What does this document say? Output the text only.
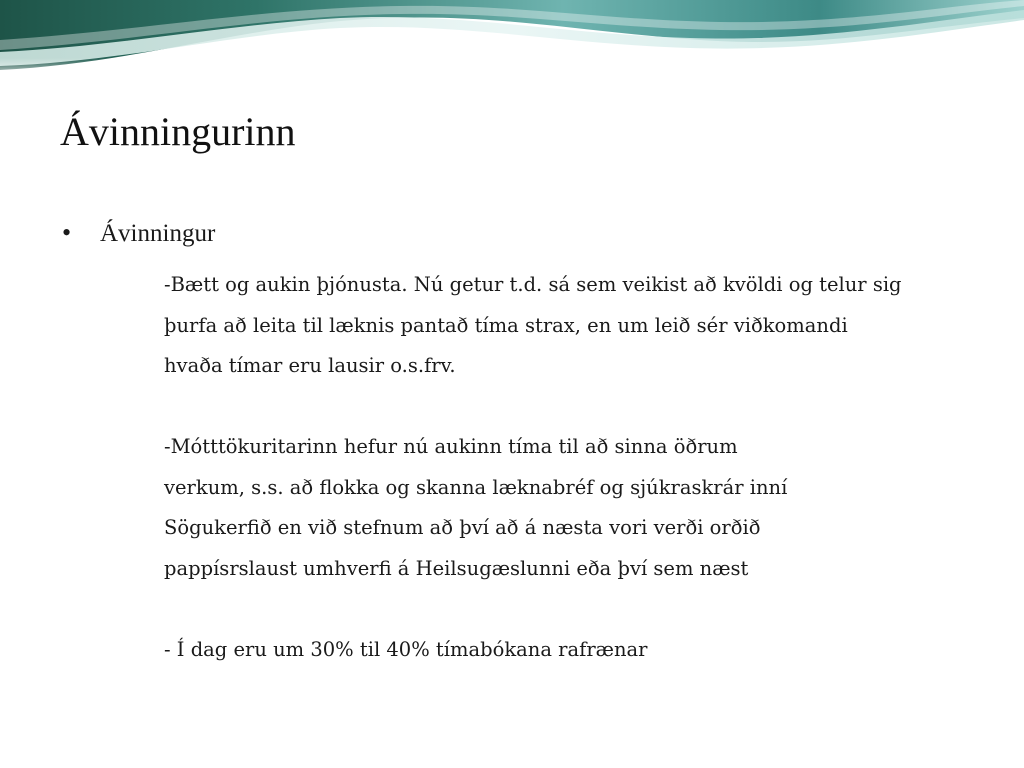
Ávinningurinn
• Ávinningur
-Bætt og aukin þjónusta. Nú getur t.d. sá sem veikist að kvöldi og telur sig
þurfa að leita til læknis pantað tíma strax, en um leið sér viðkomandi
hvaða tímar eru lausir o.s.frv.
-Mótttökuritarinn hefur nú aukinn tíma til að sinna öðrum
verkum, s.s. að flokka og skanna læknabréf og sjúkraskrár inní
Sögukerfið en við stefnum að því að á næsta vori verði orðið
pappísrslaust umhverfi á Heilsugæslunni eða því sem næst
- Í dag eru um 30% til 40% tímabókana rafrænar
